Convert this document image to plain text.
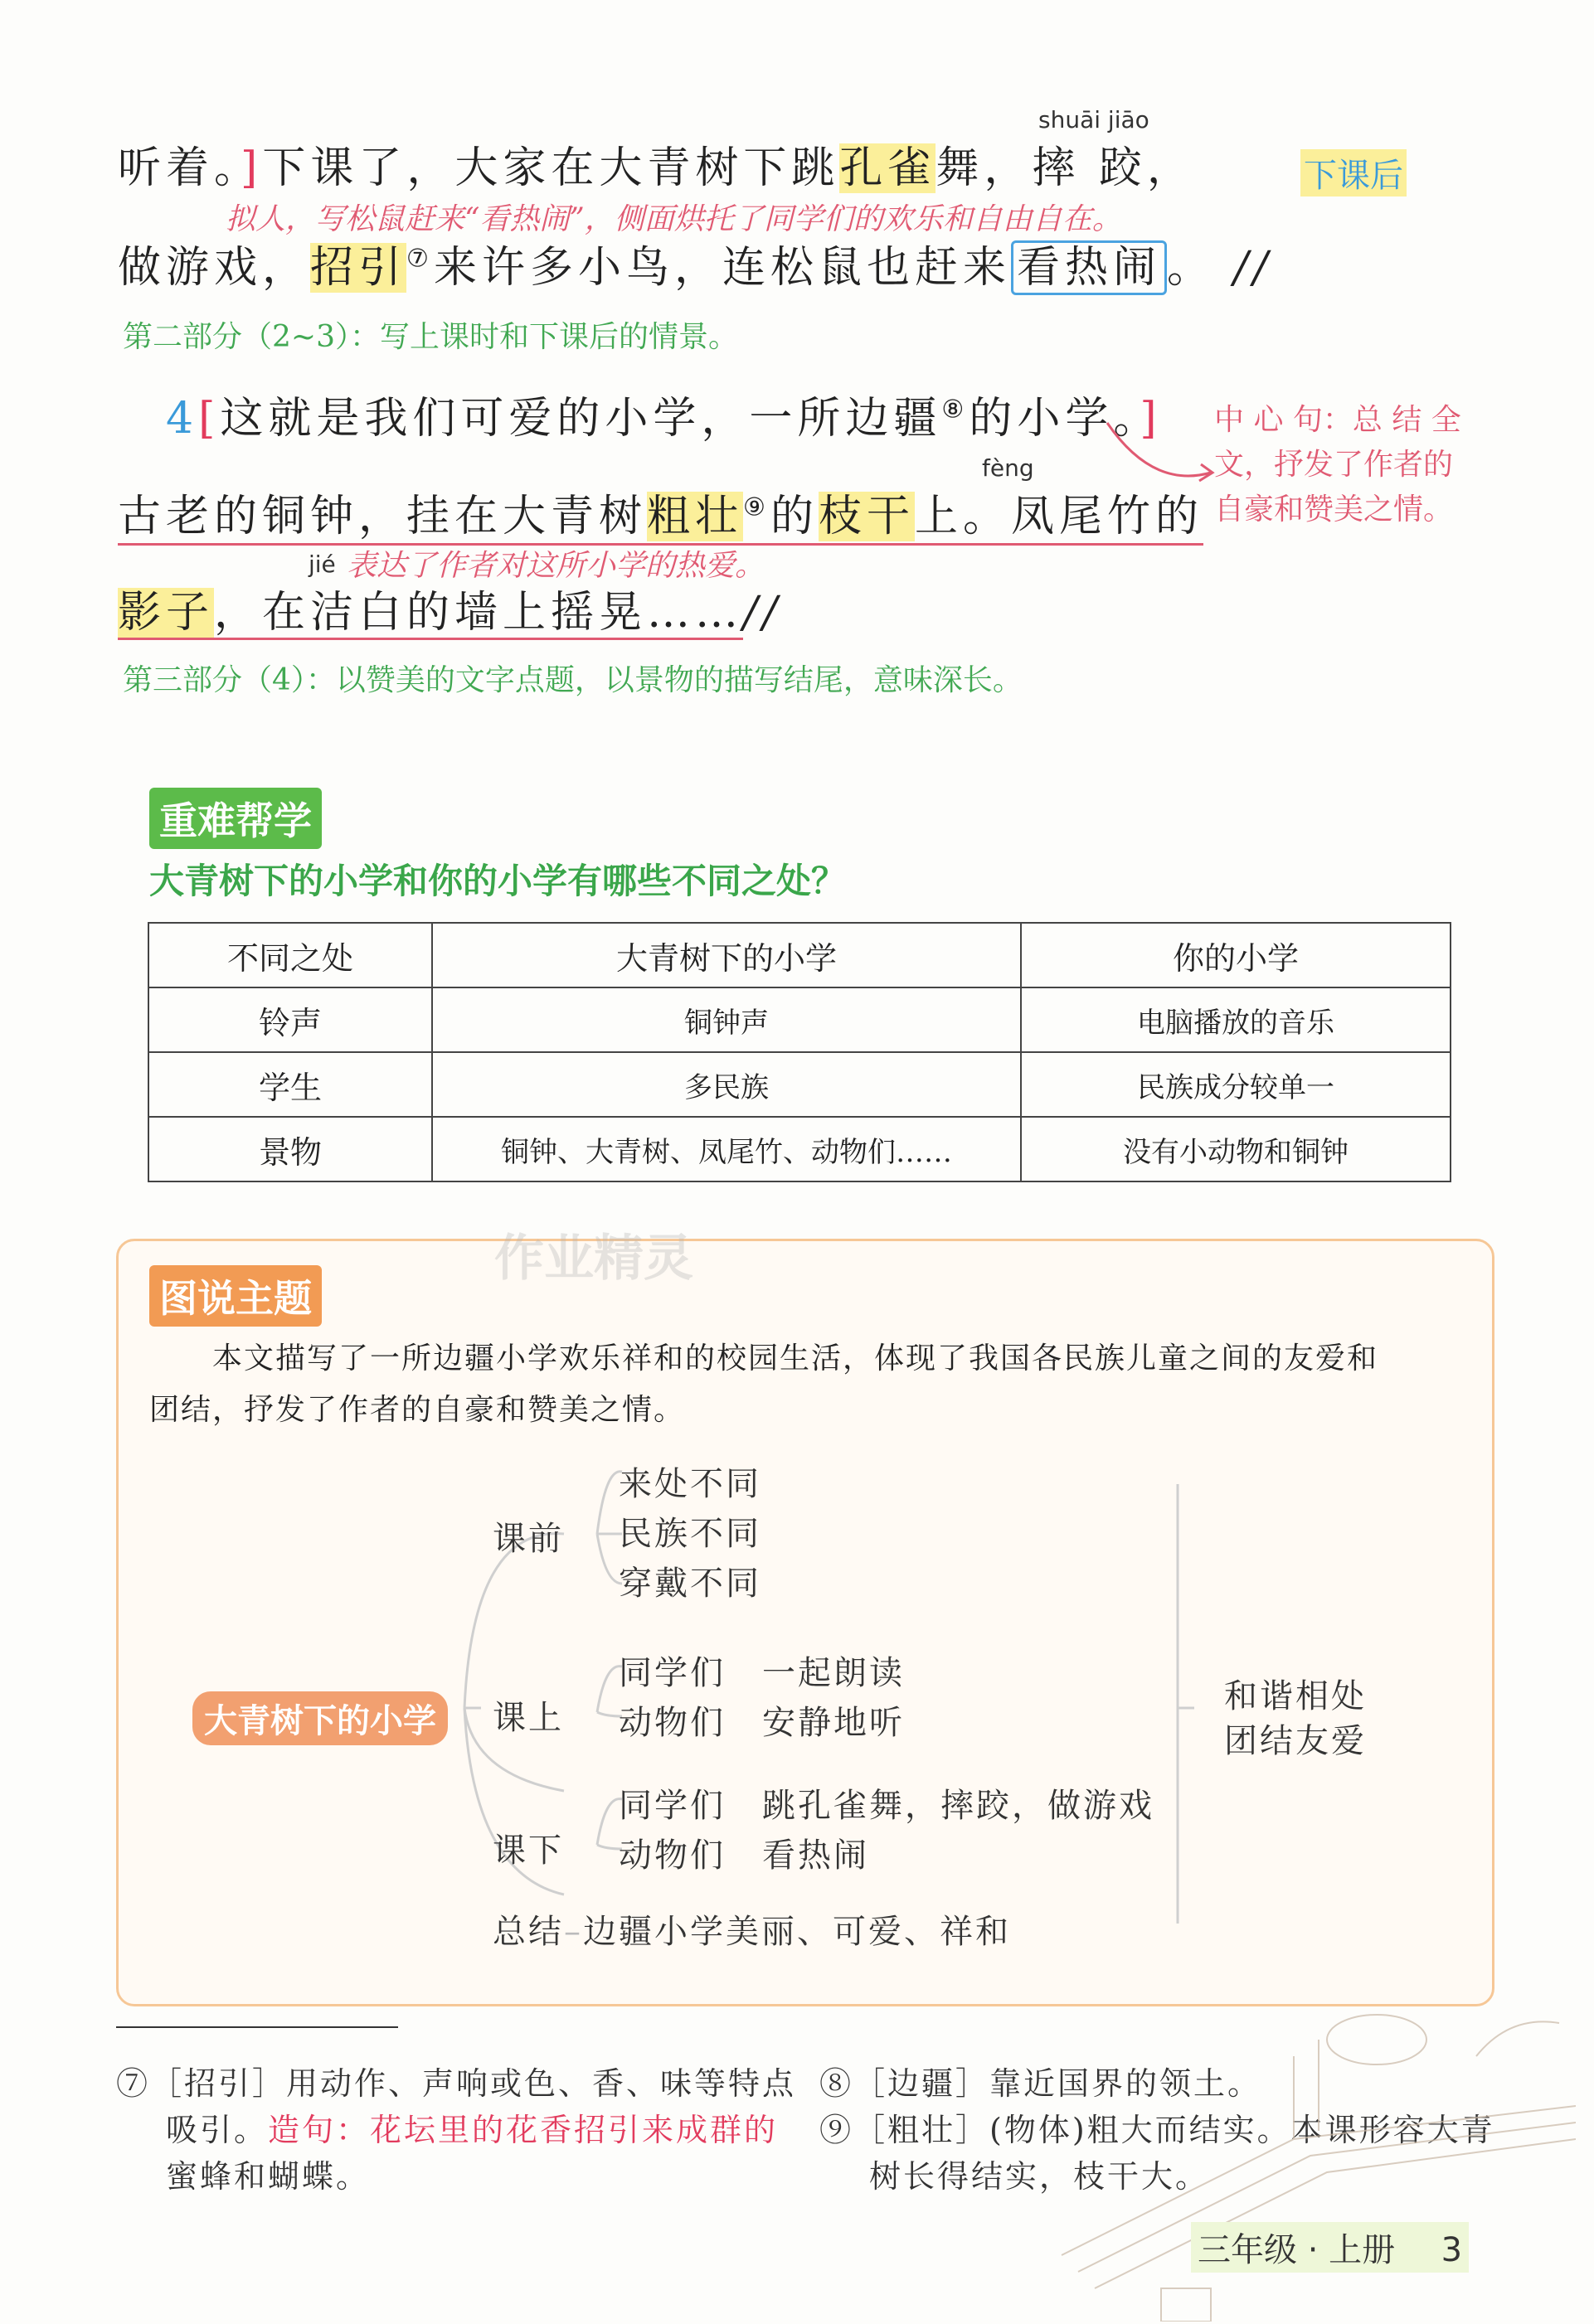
shuāi jiāo
听着。]下课了，大家在大青树下跳孔雀舞，摔 跤，	下课后
拟人，写松鼠赶来“看热闹”，侧面烘托了同学们的欢乐和自由自在。
做游戏，招引⑦来许多小鸟，连松鼠也赶来 看热闹 。 //
第二部分（2~3）：写上课时和下课后的情景。
4[这就是我们可爱的小学，一所边疆⑧的小学。] 中 心 句：总 结 全
文，抒发了作者的
自豪和赞美之情。
fèng
古老的铜钟，挂在大青树粗壮⑨的枝干上。凤尾竹的
jié 表达了作者对这所小学的热爱。
影子，在洁白的墙上摇晃……//
第三部分（4）：以赞美的文字点题，以景物的描写结尾，意味深长。
重难帮学
大青树下的小学和你的小学有哪些不同之处？
不同之处	大青树下的小学	你的小学
铃声	铜钟声	电脑播放的音乐
学生	多民族	民族成分较单一
景物	铜钟、大青树、凤尾竹、动物们……	没有小动物和铜钟
作业精灵
图说主题
本文描写了一所边疆小学欢乐祥和的校园生活，体现了我国各民族儿童之间的友爱和
团结，抒发了作者的自豪和赞美之情。
大青树下的小学
课前
来处不同
民族不同
穿戴不同
课上
同学们 一起朗读
动物们 安静地听
课下
同学们 跳孔雀舞，摔跤，做游戏
动物们 看热闹
总结–边疆小学美丽、可爱、祥和
和谐相处
团结友爱
⑦［招引］用动作、声响或色、香、味等特点
吸引。造句：花坛里的花香招引来成群的
蜜蜂和蝴蝶。
⑧［边疆］靠近国界的领土。
⑨［粗壮］(物体)粗大而结实。本课形容大青
树长得结实，枝干大。
三年级 · 上册 3
